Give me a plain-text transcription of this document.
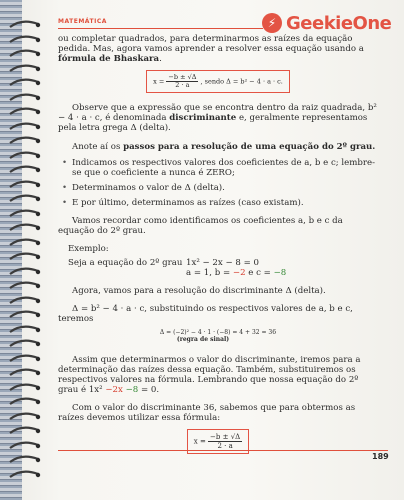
MATEMÁTICA	⚡ GeekieOne

ou completar quadrados, para determinarmos as raízes da equação pedida. Mas, agora vamos aprender a resolver essa equação usando a fórmula de Bhaskara.

$x = \frac{-b \pm √\Delta}{2 \cdot a}$ , sendo Δ = b² − 4 · a · c.

Observe que a expressão que se encontra dentro da raiz quadrada, b² − 4 · a · c, é denominada discriminante e, geralmente representamos pela letra grega Δ (delta).

Anote aí os passos para a resolução de uma equação do 2º grau.

• Indicamos os respectivos valores dos coeficientes de a, b e c; lembre-se que o coeficiente a nunca é ZERO;
• Determinamos o valor de Δ (delta).
• E por último, determinamos as raízes (caso existam).

Vamos recordar como identificamos os coeficientes a, b e c da equação do 2º grau.

Exemplo:

Seja a equação do 2º grau 1x² − 2x − 8 = 0
a = 1, b = −2 e c = −8

Agora, vamos para a resolução do discriminante Δ (delta).

Δ = b² − 4 · a · c, substituindo os respectivos valores de a, b e c, teremos

Δ = (−2)² − 4 · 1 · (−8) = 4 + 32 = 36
(regra de sinal)

Assim que determinarmos o valor do discriminante, iremos para a determinação das raízes dessa equação. Também, substituiremos os respectivos valores na fórmula. Lembrando que nossa equação do 2º grau é 1x² −2x −8 = 0.

Com o valor do discriminante 36, sabemos que para obtermos as raízes devemos utilizar essa fórmula:

$x = \frac{-b \pm √\Delta}{2 \cdot a}$
189
